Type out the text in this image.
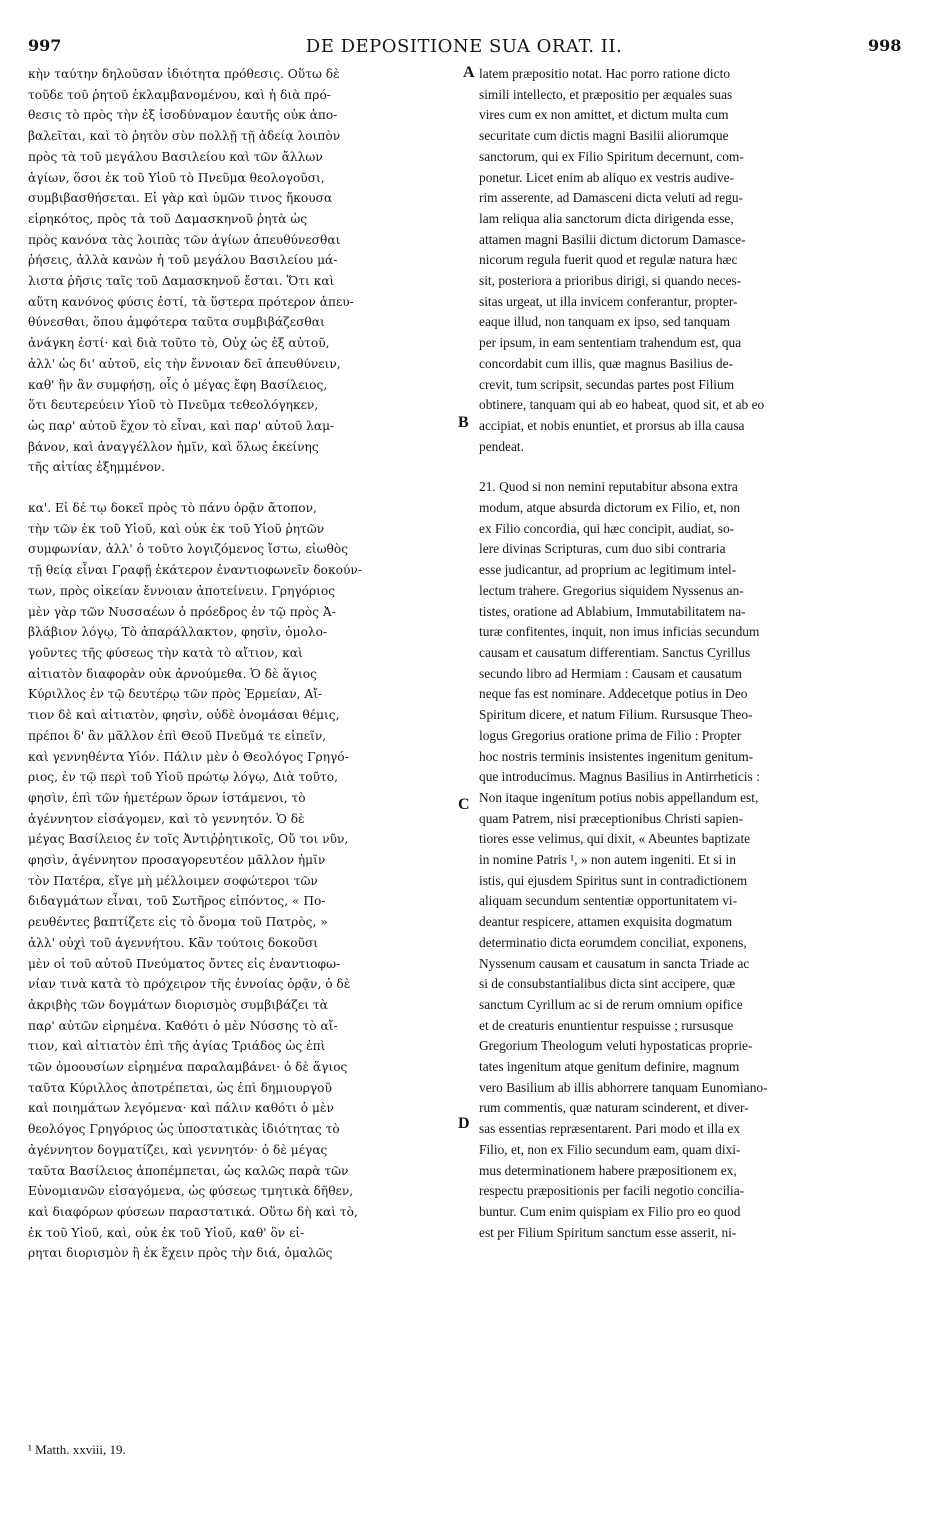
997	DE DEPOSITIONE SUA ORAT. II.	998
κὴν ταύτην δηλοῦσαν ἰδιότητα πρόθεσις. Οὕτω δὲ
τοῦδε τοῦ ῥητοῦ ἐκλαμβανομένου, καὶ ἡ διὰ πρό-
θεσις τὸ πρὸς τὴν ἐξ ἰσοδύναμον ἑαυτῆς οὐκ ἀπο-
βαλεῖται, καὶ τὸ ῥητὸν σὺν πολλῇ τῇ ἀδείᾳ λοιπὸν
πρὸς τὰ τοῦ μεγάλου Βασιλείου καὶ τῶν ἄλλων
ἁγίων, ὅσοι ἐκ τοῦ Υἱοῦ τὸ Πνεῦμα θεολογοῦσι,
συμβιβασθήσεται. Εἰ γὰρ καὶ ὑμῶν τινος ἤκουσα
εἰρηκότος, πρὸς τὰ τοῦ Δαμασκηνοῦ ῥητὰ ὡς
πρὸς κανόνα τὰς λοιπὰς τῶν ἁγίων ἀπευθύνεσθαι
ῥήσεις, ἀλλὰ κανὼν ἡ τοῦ μεγάλου Βασιλείου μά-
λιστα ῥῆσις ταῖς τοῦ Δαμασκηνοῦ ἔσται. Ὅτι καὶ
αὕτη κανόνος φύσις ἐστί, τὰ ὕστερα πρότερον ἀπευ-
θύνεσθαι, ὅπου ἀμφότερα ταῦτα συμβιβάζεσθαι
ἀνάγκη ἐστί· καὶ διὰ τοῦτο τὸ, Οὐχ ὡς ἐξ αὐτοῦ,
ἀλλ' ὡς δι' αὐτοῦ, εἰς τὴν ἔννοιαν δεῖ ἀπευθύνειν,
καθ' ἣν ἂν συμφήσῃ, οἷς ὁ μέγας ἔφη Βασίλειος,
ὅτι δευτερεύειν Υἱοῦ τὸ Πνεῦμα τεθεολόγηκεν,
ὡς παρ' αὐτοῦ ἔχον τὸ εἶναι, καὶ παρ' αὐτοῦ λαμ-
βάνον, καὶ ἀναγγέλλον ἡμῖν, καὶ ὅλως ἐκείνης
τῆς αἰτίας ἐξημμένον.

κα'. Εἰ δέ τῳ δοκεῖ πρὸς τὸ πάνυ ὁρᾷν ἄτοπον,
τὴν τῶν ἐκ τοῦ Υἱοῦ, καὶ οὐκ ἐκ τοῦ Υἱοῦ ῥητῶν
συμφωνίαν, ἀλλ' ὁ τοῦτο λογιζόμενος ἴστω, εἰωθὸς
τῇ θείᾳ εἶναι Γραφῇ ἑκάτερον ἐναντιοφωνεῖν δοκούν-
των, πρὸς οἰκείαν ἔννοιαν ἀποτείνειν. Γρηγόριος
μὲν γὰρ τῶν Νυσσαέων ὁ πρόεδρος ἐν τῷ πρὸς Ἀ-
βλάβιον λόγῳ, Τὸ ἀπαράλλακτον, φησὶν, ὁμολο-
γοῦντες τῆς φύσεως τὴν κατὰ τὸ αἴτιον, καὶ
αἰτιατὸν διαφορὰν οὐκ ἀρνούμεθα. Ὁ δὲ ἅγιος
Κύριλλος ἐν τῷ δευτέρῳ τῶν πρὸς Ἑρμείαν, Αἴ-
τιον δὲ καὶ αἰτιατὸν, φησὶν, οὐδὲ ὀνομάσαι θέμις,
πρέποι δ' ἂν μᾶλλον ἐπὶ Θεοῦ Πνεῦμά τε εἰπεῖν,
καὶ γεννηθέντα Υἱόν. Πάλιν μὲν ὁ Θεολόγος Γρηγό-
ριος, ἐν τῷ περὶ τοῦ Υἱοῦ πρώτῳ λόγῳ, Διὰ τοῦτο,
φησὶν, ἐπὶ τῶν ἡμετέρων ὅρων ἱστάμενοι, τὸ
ἀγέννητον εἰσάγομεν, καὶ τὸ γεννητόν. Ὁ δὲ
μέγας Βασίλειος ἐν τοῖς Ἀντιῤῥητικοῖς, Οὔ τοι νῦν,
φησὶν, ἀγέννητον προσαγορευτέον μᾶλλον ἡμῖν
τὸν Πατέρα, εἴγε μὴ μέλλοιμεν σοφώτεροι τῶν
διδαγμάτων εἶναι, τοῦ Σωτῆρος εἰπόντος, « Πο-
ρευθέντες βαπτίζετε εἰς τὸ ὄνομα τοῦ Πατρὸς, »
ἀλλ' οὐχὶ τοῦ ἀγεννήτου. Κἂν τούτοις δοκοῦσι
μὲν οἱ τοῦ αὐτοῦ Πνεύματος ὄντες εἰς ἐναντιοφω-
νίαν τινὰ κατὰ τὸ πρόχειρον τῆς ἐννοίας ὁρᾷν, ὁ δὲ
ἀκριβὴς τῶν δογμάτων διορισμὸς συμβιβάζει τὰ
παρ' αὐτῶν εἰρημένα. Καθότι ὁ μὲν Νύσσης τὸ αἴ-
τιον, καὶ αἰτιατὸν ἐπὶ τῆς ἁγίας Τριάδος ὡς ἐπὶ
τῶν ὁμοουσίων εἰρημένα παραλαμβάνει· ὁ δὲ ἅγιος
ταῦτα Κύριλλος ἀποτρέπεται, ὡς ἐπὶ δημιουργοῦ
καὶ ποιημάτων λεγόμενα· καὶ πάλιν καθότι ὁ μὲν
θεολόγος Γρηγόριος ὡς ὑποστατικὰς ἰδιότητας τὸ
ἀγέννητον δογματίζει, καὶ γεννητόν· ὁ δὲ μέγας
ταῦτα Βασίλειος ἀποπέμπεται, ὡς καλῶς παρὰ τῶν
Εὐνομιανῶν εἰσαγόμενα, ὡς φύσεως τμητικὰ δῆθεν,
καὶ διαφόρων φύσεων παραστατικά. Οὕτω δὴ καὶ τὸ,
ἐκ τοῦ Υἱοῦ, καὶ, οὐκ ἐκ τοῦ Υἱοῦ, καθ' ὃν εἰ-
ρηται διορισμὸν ἢ ἐκ ἔχειν πρὸς τὴν διά, ὁμαλῶς
latem præpositio notat. Hac porro ratione dicto
simili intellecto, et præpositio per æquales suas
vires cum ex non amittet, et dictum multa cum
securitate cum dictis magni Basilii aliorumque
sanctorum, qui ex Filio Spiritum decernunt, com-
ponetur. Licet enim ab aliquo ex vestris audive-
rim asserente, ad Damasceni dicta veluti ad regu-
lam reliqua alia sanctorum dicta dirigenda esse,
attamen magni Basilii dictum dictorum Damasce-
nicorum regula fuerit quod et regulæ natura hæc
sit, posteriora a prioribus dirigi, si quando neces-
sitas urgeat, ut illa invicem conferantur, propter-
eaque illud, non tanquam ex ipso, sed tanquam
per ipsum, in eam sententiam trahendum est, qua
concordabit cum illis, quæ magnus Basilius de-
crevit, tum scripsit, secundas partes post Filium
obtinere, tanquam qui ab eo habeat, quod sit, et ab eo
accipiat, et nobis enuntiet, et prorsus ab illa causa
pendeat.

21. Quod si non nemini reputabitur absona extra
modum, atque absurda dictorum ex Filio, et, non
ex Filio concordia, qui hæc concipit, audiat, so-
lere divinas Scripturas, cum duo sibi contraria
esse judicantur, ad proprium ac legitimum intel-
lectum trahere. Gregorius siquidem Nyssenus an-
tistes, oratione ad Ablabium, Immutabilitatem na-
turæ confitentes, inquit, non imus inficias secundum
causam et causatum differentiam. Sanctus Cyrillus
secundo libro ad Hermiam : Causam et causatum
neque fas est nominare. Addecetque potius in Deo
Spiritum dicere, et natum Filium. Rursusque Theo-
logus Gregorius oratione prima de Filio : Propter
hoc nostris terminis insistentes ingenitum genitum-
que introducimus. Magnus Basilius in Antirrheticis :
Non itaque ingenitum potius nobis appellandum est,
quam Patrem, nisi præceptionibus Christi sapien-
tiores esse velimus, qui dixit, « Abeuntes baptizate
in nomine Patris ¹, » non autem ingeniti. Et si in
istis, qui ejusdem Spiritus sunt in contradictionem
aliquam secundum sententiæ opportunitatem vi-
deantur respicere, attamen exquisita dogmatum
determinatio dicta eorumdem conciliat, exponens,
Nyssenum causam et causatum in sancta Triade ac
si de consubstantialibus dicta sint accipere, quæ
sanctum Cyrillum ac si de rerum omnium opifice
et de creaturis enuntientur respuisse ; rursusque
Gregorium Theologum veluti hypostaticas proprie-
tates ingenitum atque genitum definire, magnum
vero Basilium ab illis abhorrere tanquam Eunomiano-
rum commentis, quæ naturam scinderent, et diver-
sas essentias repræsentarent. Pari modo et illa ex
Filio, et, non ex Filio secundum eam, quam dixi-
mus determinationem habere præpositionem ex,
respectu præpositionis per facili negotio concilia-
buntur. Cum enim quispiam ex Filio pro eo quod
est per Filium Spiritum sanctum esse asserit, ni-
A
B
C
D
¹ Matth. xxviii, 19.
